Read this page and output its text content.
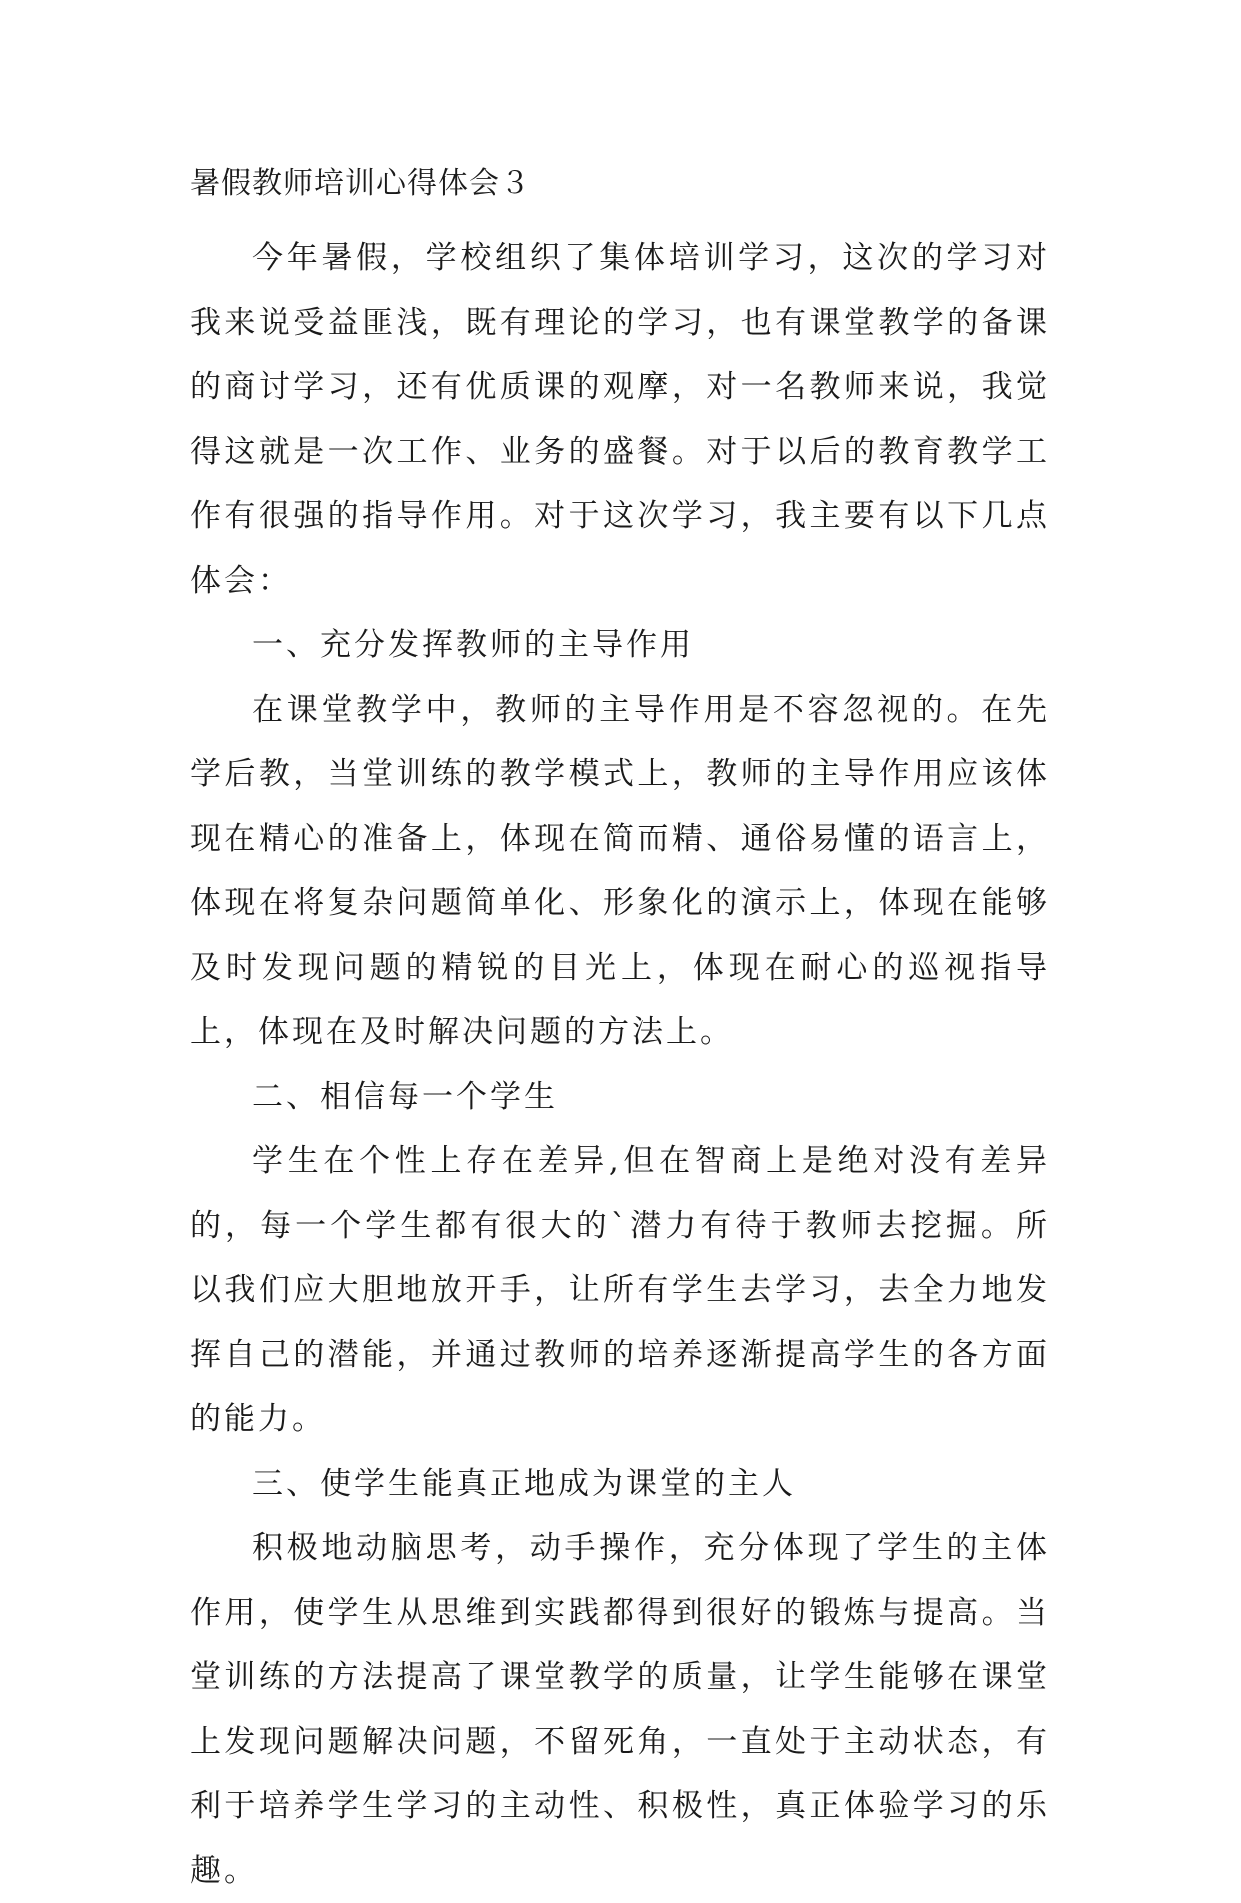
暑假教师培训心得体会３

今年暑假，学校组织了集体培训学习，这次的学习对我来说受益匪浅，既有理论的学习，也有课堂教学的备课的商讨学习，还有优质课的观摩，对一名教师来说，我觉得这就是一次工作、业务的盛餐。对于以后的教育教学工作有很强的指导作用。对于这次学习，我主要有以下几点体会：

一、充分发挥教师的主导作用

在课堂教学中，教师的主导作用是不容忽视的。在先学后教，当堂训练的教学模式上，教师的主导作用应该体现在精心的准备上，体现在简而精、通俗易懂的语言上，体现在将复杂问题简单化、形象化的演示上，体现在能够及时发现问题的精锐的目光上，体现在耐心的巡视指导上，体现在及时解决问题的方法上。

二、相信每一个学生

学生在个性上存在差异,但在智商上是绝对没有差异的，每一个学生都有很大的`潜力有待于教师去挖掘。所以我们应大胆地放开手，让所有学生去学习，去全力地发挥自己的潜能，并通过教师的培养逐渐提高学生的各方面的能力。

三、使学生能真正地成为课堂的主人

积极地动脑思考，动手操作，充分体现了学生的主体作用，使学生从思维到实践都得到很好的锻炼与提高。当堂训练的方法提高了课堂教学的质量，让学生能够在课堂上发现问题解决问题，不留死角，一直处于主动状态，有利于培养学生学习的主动性、积极性，真正体验学习的乐趣。
